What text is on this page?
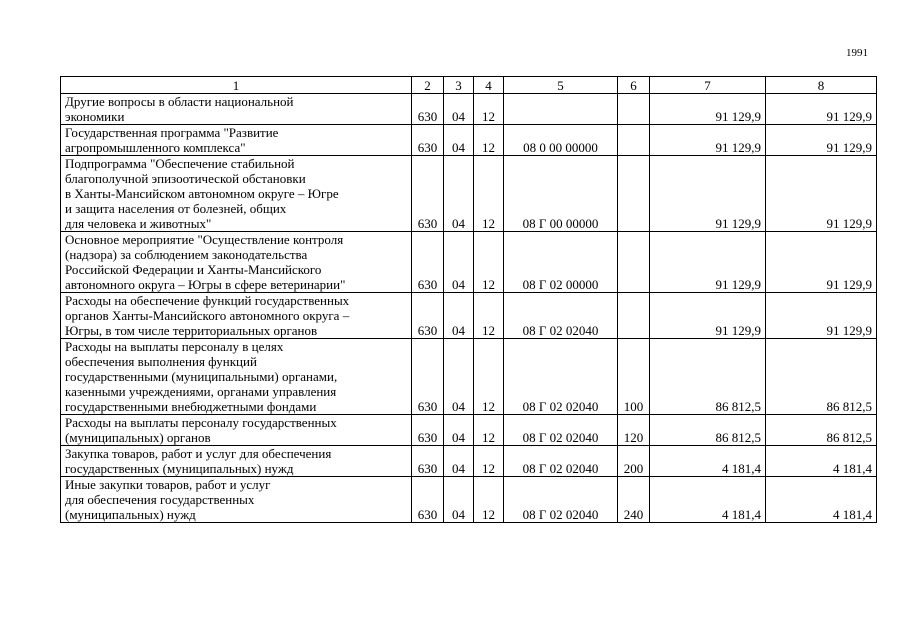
1991
1	2	3	4	5	6	7	8
Другие вопросы в области национальной
экономики	630	04	12			91 129,9	91 129,9
Государственная программа "Развитие
агропромышленного комплекса"	630	04	12	08 0 00 00000		91 129,9	91 129,9
Подпрограмма "Обеспечение стабильной
благополучной эпизоотической обстановки
в Ханты-Мансийском автономном округе – Югре
и защита населения от болезней, общих
для человека и животных"	630	04	12	08 Г 00 00000		91 129,9	91 129,9
Основное мероприятие "Осуществление контроля
(надзора) за соблюдением законодательства
Российской Федерации и Ханты-Мансийского
автономного округа – Югры в сфере ветеринарии"	630	04	12	08 Г 02 00000		91 129,9	91 129,9
Расходы на обеспечение функций государственных
органов Ханты-Мансийского автономного округа –
Югры, в том числе территориальных органов	630	04	12	08 Г 02 02040		91 129,9	91 129,9
Расходы на выплаты персоналу в целях
обеспечения выполнения функций
государственными (муниципальными) органами,
казенными учреждениями, органами управления
государственными внебюджетными фондами	630	04	12	08 Г 02 02040	100	86 812,5	86 812,5
Расходы на выплаты персоналу государственных
(муниципальных) органов	630	04	12	08 Г 02 02040	120	86 812,5	86 812,5
Закупка товаров, работ и услуг для обеспечения
государственных (муниципальных) нужд	630	04	12	08 Г 02 02040	200	4 181,4	4 181,4
Иные закупки товаров, работ и услуг
для обеспечения государственных
(муниципальных) нужд	630	04	12	08 Г 02 02040	240	4 181,4	4 181,4
